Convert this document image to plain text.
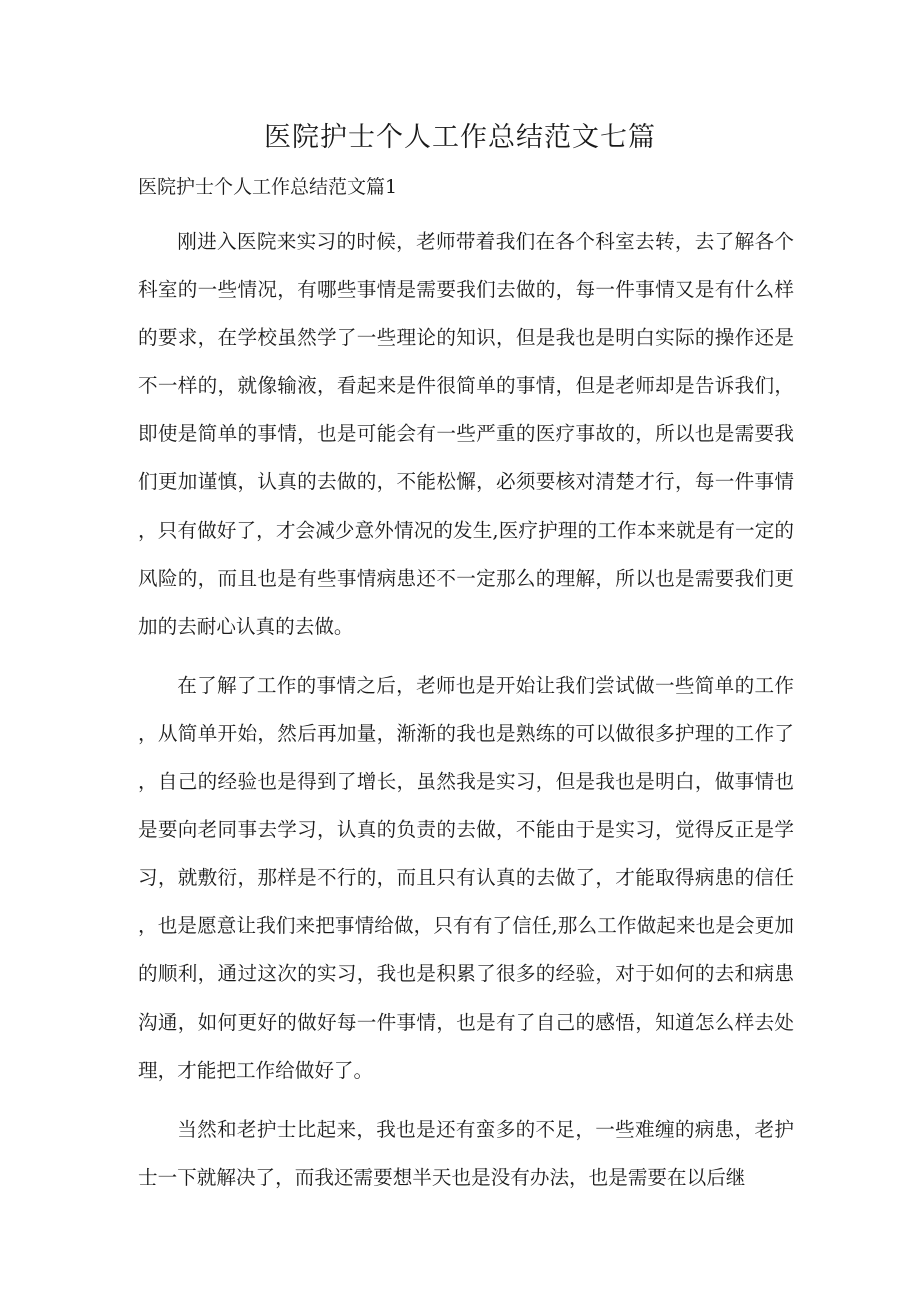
医院护士个人工作总结范文七篇
医院护士个人工作总结范文篇1

刚进入医院来实习的时候，老师带着我们在各个科室去转，去了解各个科室的一些情况，有哪些事情是需要我们去做的，每一件事情又是有什么样的要求，在学校虽然学了一些理论的知识，但是我也是明白实际的操作还是不一样的，就像输液，看起来是件很简单的事情，但是老师却是告诉我们，即使是简单的事情，也是可能会有一些严重的医疗事故的，所以也是需要我们更加谨慎，认真的去做的，不能松懈，必须要核对清楚才行，每一件事情，只有做好了，才会减少意外情况的发生,医疗护理的工作本来就是有一定的风险的，而且也是有些事情病患还不一定那么的理解，所以也是需要我们更加的去耐心认真的去做。

在了解了工作的事情之后，老师也是开始让我们尝试做一些简单的工作，从简单开始，然后再加量，渐渐的我也是熟练的可以做很多护理的工作了，自己的经验也是得到了增长，虽然我是实习，但是我也是明白，做事情也是要向老同事去学习，认真的负责的去做，不能由于是实习，觉得反正是学习，就敷衍，那样是不行的，而且只有认真的去做了，才能取得病患的信任，也是愿意让我们来把事情给做，只有有了信任,那么工作做起来也是会更加的顺利，通过这次的实习，我也是积累了很多的经验，对于如何的去和病患沟通，如何更好的做好每一件事情，也是有了自己的感悟，知道怎么样去处理，才能把工作给做好了。

当然和老护士比起来，我也是还有蛮多的不足，一些难缠的病患，老护士一下就解决了，而我还需要想半天也是没有办法，也是需要在以后继
